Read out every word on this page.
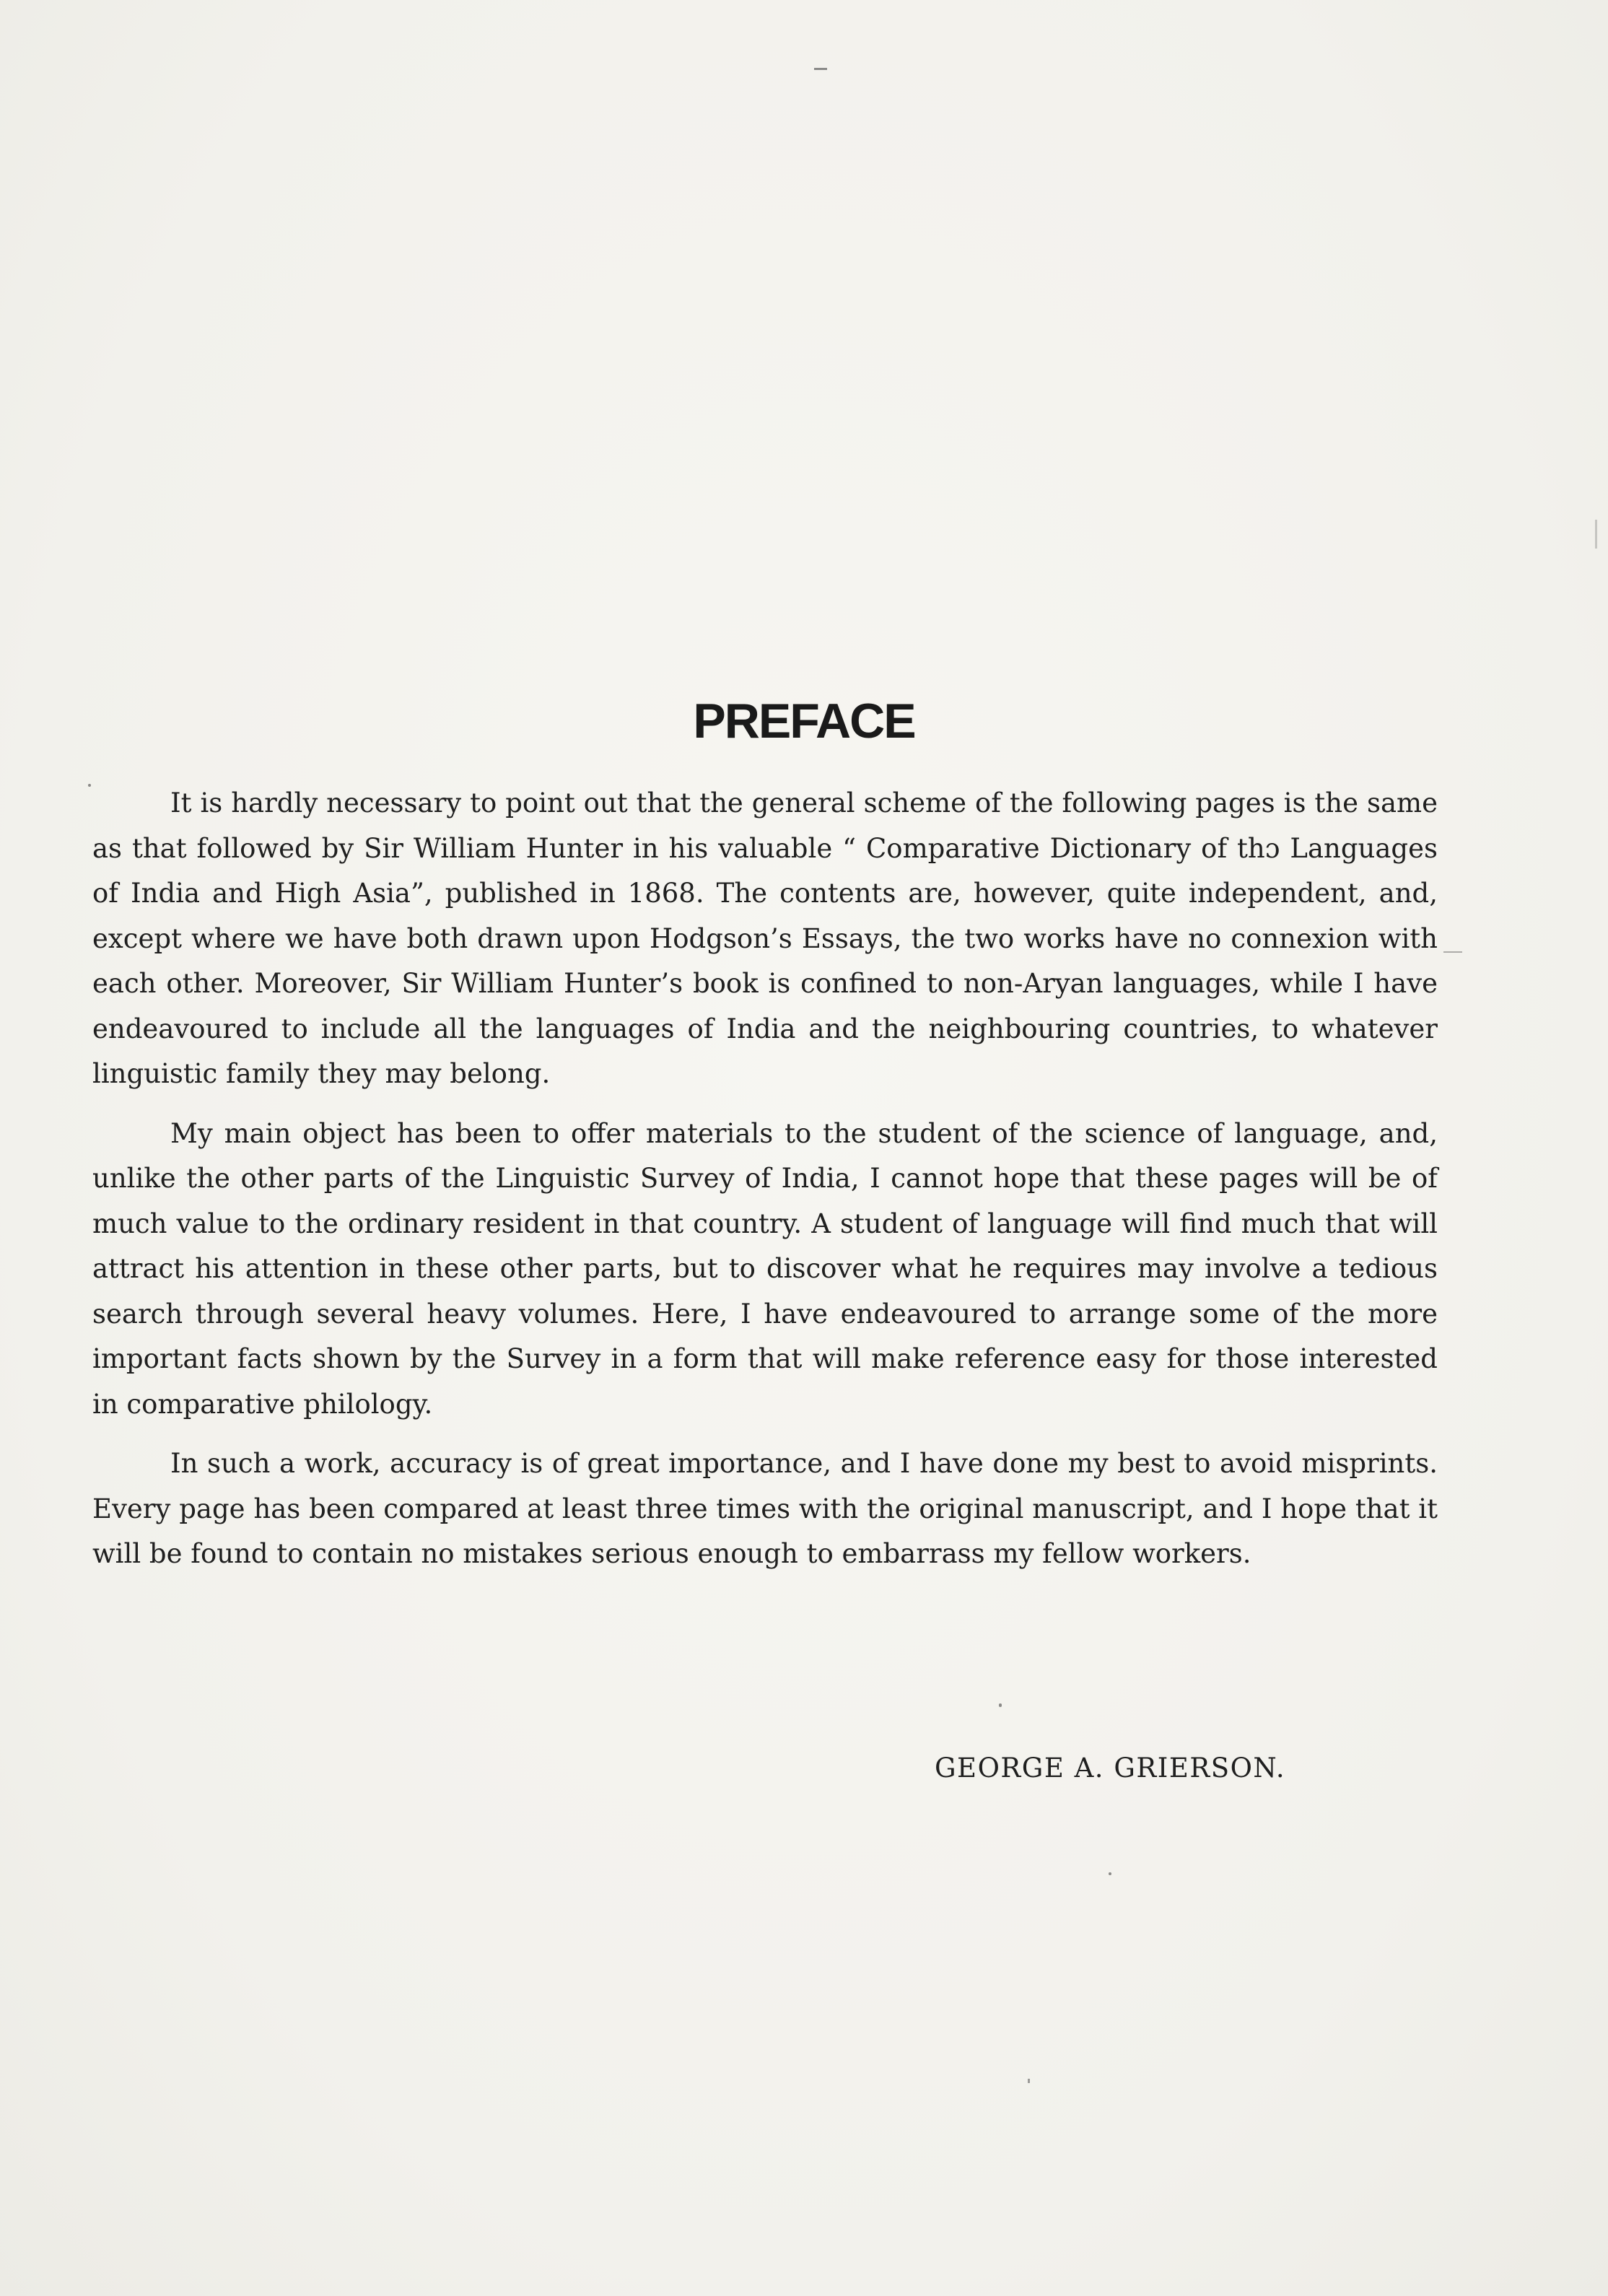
PREFACE

It is hardly necessary to point out that the general scheme of the following pages is the same as that followed by Sir William Hunter in his valuable “ Comparative Dictionary of thɔ Languages of India and High Asia”, published in 1868. The contents are, however, quite independent, and, except where we have both drawn upon Hodgson’s Essays, the two works have no connexion with each other. Moreover, Sir William Hunter’s book is confined to non-Aryan languages, while I have endeavoured to include all the languages of India and the neighbouring countries, to whatever linguistic family they may belong.

My main object has been to offer materials to the student of the science of language, and, unlike the other parts of the Linguistic Survey of India, I cannot hope that these pages will be of much value to the ordinary resident in that country. A student of language will find much that will attract his attention in these other parts, but to discover what he requires may involve a tedious search through several heavy volumes. Here, I have endeavoured to arrange some of the more important facts shown by the Survey in a form that will make reference easy for those interested in comparative philology.

In such a work, accuracy is of great importance, and I have done my best to avoid misprints. Every page has been compared at least three times with the original manuscript, and I hope that it will be found to contain no mistakes serious enough to embarrass my fellow workers.

GEORGE A. GRIERSON.
